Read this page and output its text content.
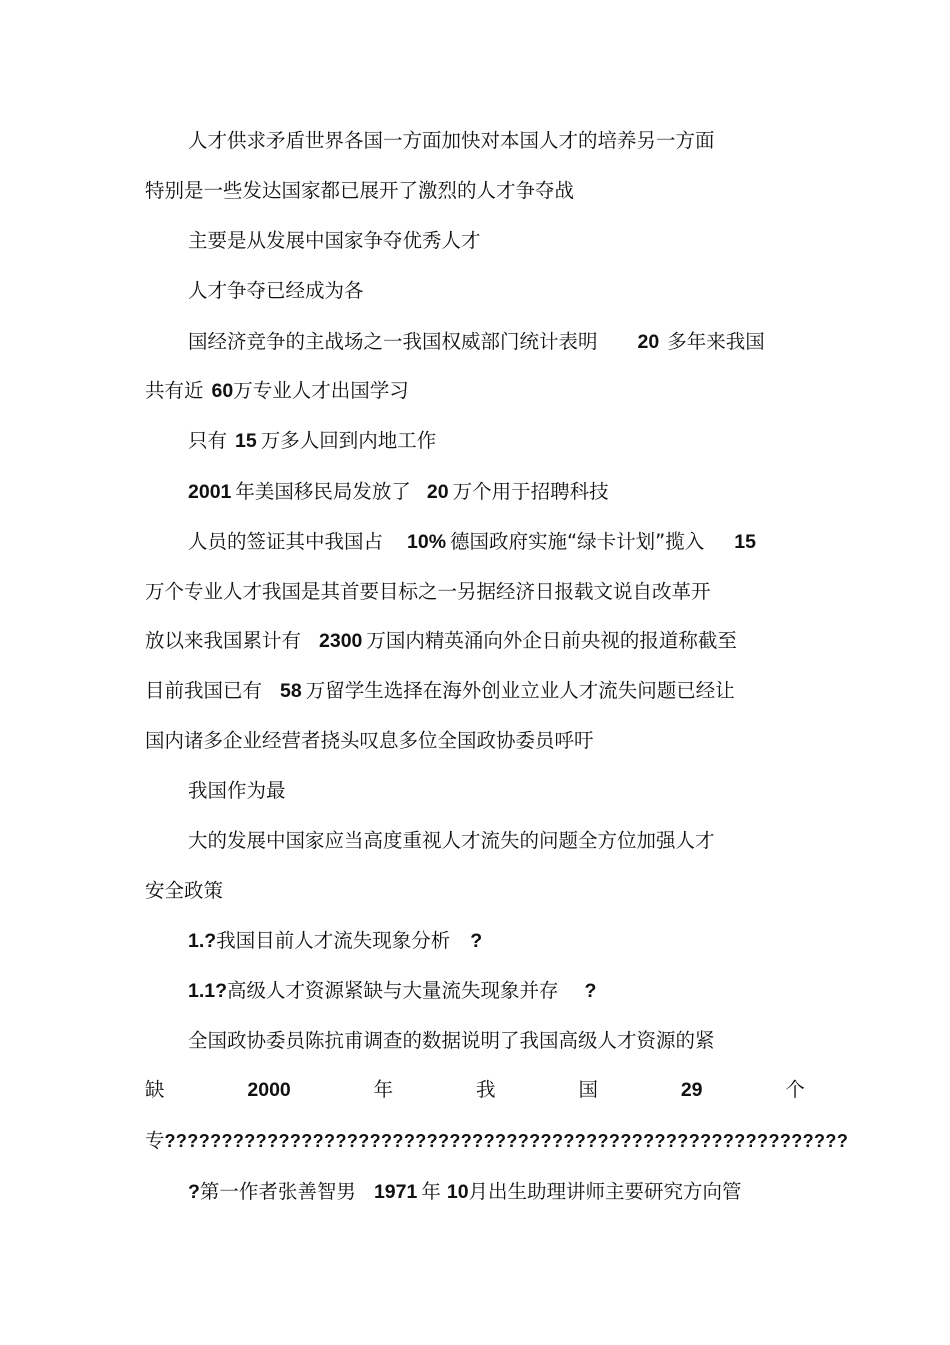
人才供求矛盾世界各国一方面加快对本国人才的培养另一方面
特别是一些发达国家都已展开了激烈的人才争夺战
主要是从发展中国家争夺优秀人才
人才争夺已经成为各
国经济竞争的主战场之一我国权威部门统计表明 20 多年来我国
共有近 60万专业人才出国学习
只有 15 万多人回到内地工作
2001 年美国移民局发放了 20 万个用于招聘科技
人员的签证其中我国占 10% 德国政府实施“绿卡计划”揽入 15
万个专业人才我国是其首要目标之一另据经济日报载文说自改革开
放以来我国累计有 2300 万国内精英涌向外企日前央视的报道称截至
目前我国已有 58 万留学生选择在海外创业立业人才流失问题已经让
国内诸多企业经营者挠头叹息多位全国政协委员呼吁
我国作为最
大的发展中国家应当高度重视人才流失的问题全方位加强人才
安全政策
1.?我国目前人才流失现象分析 ?
1.1?高级人才资源紧缺与大量流失现象并存 ?
全国政协委员陈抗甫调查的数据说明了我国高级人才资源的紧
缺	2000	年	我	国	29	个
专????????????????????????????????????????????????????????????
?第一作者张善智男 1971 年 10月出生助理讲师主要研究方向管
